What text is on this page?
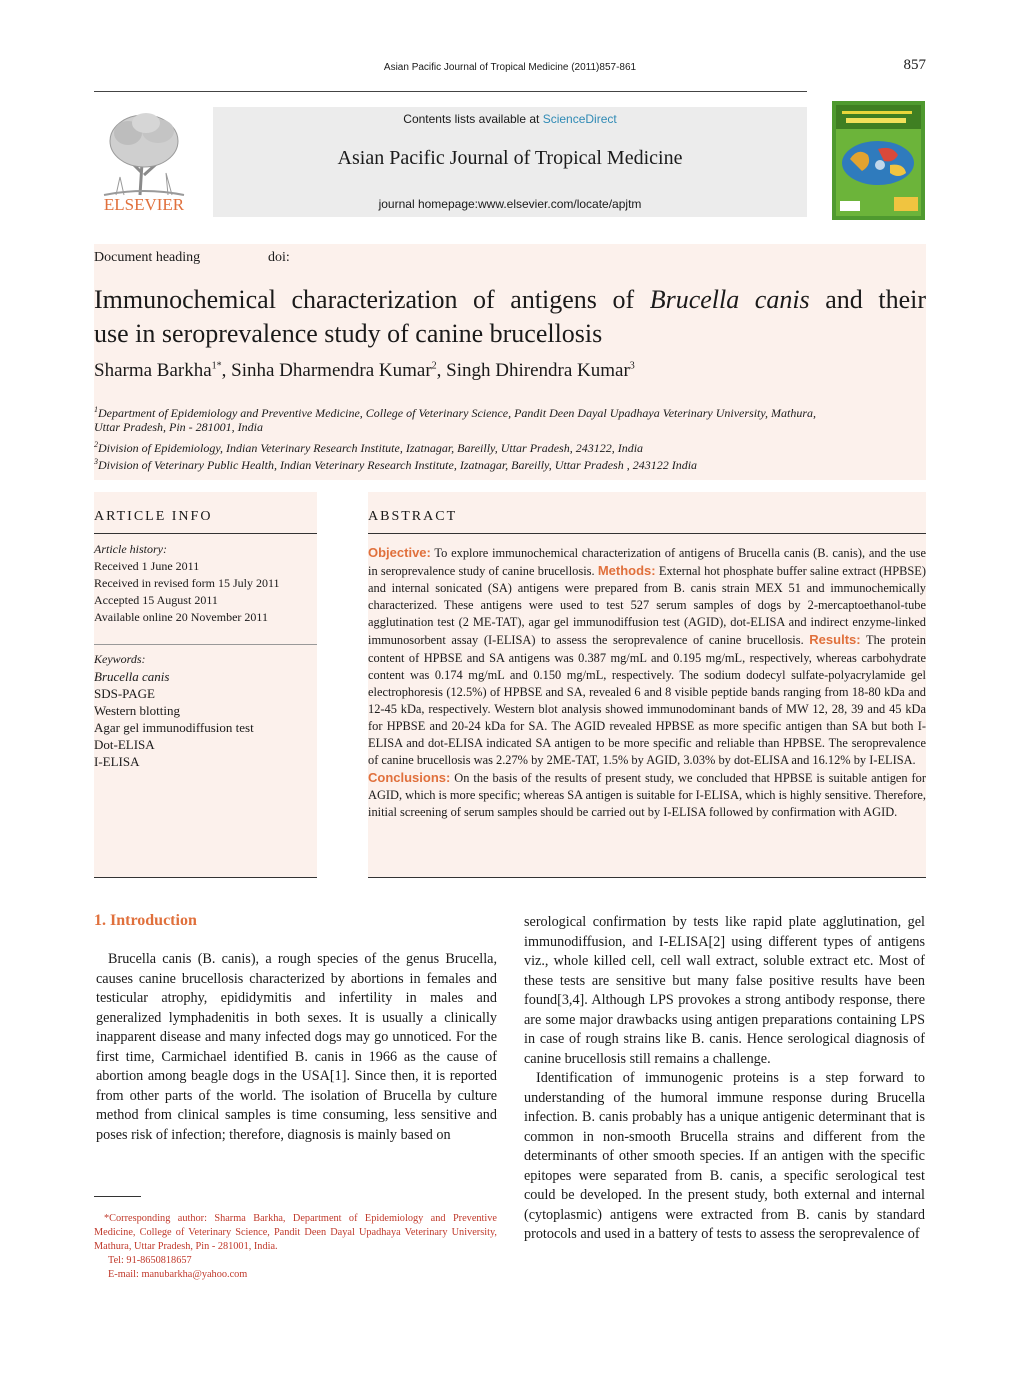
Asian Pacific Journal of Tropical Medicine (2011)857-861	857
ELSEVIER
Contents lists available at ScienceDirect
Asian Pacific Journal of Tropical Medicine
journal homepage:www.elsevier.com/locate/apjtm
Document heading	doi:
Immunochemical characterization of antigens of Brucella canis and their
use in seroprevalence study of canine brucellosis
Sharma Barkha$^{1*}$, Sinha Dharmendra Kumar$^2$, Singh Dhirendra Kumar$^3$
$^1$Department of Epidemiology and Preventive Medicine, College of Veterinary Science, Pandit Deen Dayal Upadhaya Veterinary University, Mathura,
Uttar Pradesh, Pin - 281001, India
$^2$Division of Epidemiology, Indian Veterinary Research Institute, Izatnagar, Bareilly, Uttar Pradesh, 243122, India
$^3$Division of Veterinary Public Health, Indian Veterinary Research Institute, Izatnagar, Bareilly, Uttar Pradesh , 243122 India
ARTICLE INFO	ABSTRACT
Article history:
Received 1 June 2011
Received in revised form 15 July 2011
Accepted 15 August 2011
Available online 20 November 2011
Keywords:
Brucella canis
SDS-PAGE
Western blotting
Agar gel immunodiffusion test
Dot-ELISA
I-ELISA
Objective: To explore immunochemical characterization of antigens of Brucella canis (B. canis), and the use in seroprevalence study of canine brucellosis. Methods: External hot phosphate buffer saline extract (HPBSE) and internal sonicated (SA) antigens were prepared from B. canis strain MEX 51 and immunochemically characterized. These antigens were used to test 527 serum samples of dogs by 2-mercaptoethanol-tube agglutination test (2 ME-TAT), agar gel immunodiffusion test (AGID), dot-ELISA and indirect enzyme-linked immunosorbent assay (I-ELISA) to assess the seroprevalence of canine brucellosis. Results: The protein content of HPBSE and SA antigens was 0.387 mg/mL and 0.195 mg/mL, respectively, whereas carbohydrate content was 0.174 mg/mL and 0.150 mg/mL, respectively. The sodium dodecyl sulfate-polyacrylamide gel electrophoresis (12.5%) of HPBSE and SA, revealed 6 and 8 visible peptide bands ranging from 18-80 kDa and 12-45 kDa, respectively. Western blot analysis showed immunodominant bands of MW 12, 28, 39 and 45 kDa for HPBSE and 20-24 kDa for SA. The AGID revealed HPBSE as more specific antigen than SA but both I-ELISA and dot-ELISA indicated SA antigen to be more specific and reliable than HPBSE. The seroprevalence of canine brucellosis was 2.27% by 2ME-TAT, 1.5% by AGID, 3.03% by dot-ELISA and 16.12% by I-ELISA.
Conclusions: On the basis of the results of present study, we concluded that HPBSE is suitable antigen for AGID, which is more specific; whereas SA antigen is suitable for I-ELISA, which is highly sensitive. Therefore, initial screening of serum samples should be carried out by I-ELISA followed by confirmation with AGID.
1. Introduction

Brucella canis (B. canis), a rough species of the genus Brucella, causes canine brucellosis characterized by abortions in females and testicular atrophy, epididymitis and infertility in males and generalized lymphadenitis in both sexes. It is usually a clinically inapparent disease and many infected dogs may go unnoticed. For the first time, Carmichael identified B. canis in 1966 as the cause of abortion among beagle dogs in the USA[1]. Since then, it is reported from other parts of the world. The isolation of Brucella by culture method from clinical samples is time consuming, less sensitive and poses risk of infection; therefore, diagnosis is mainly based on

serological confirmation by tests like rapid plate agglutination, gel immunodiffusion, and I-ELISA[2] using different types of antigens viz., whole killed cell, cell wall extract, soluble extract etc. Most of these tests are sensitive but many false positive results have been found[3,4]. Although LPS provokes a strong antibody response, there are some major drawbacks using antigen preparations containing LPS in case of rough strains like B. canis. Hence serological diagnosis of canine brucellosis still remains a challenge.

Identification of immunogenic proteins is a step forward to understanding of the humoral immune response during Brucella infection. B. canis probably has a unique antigenic determinant that is common in non-smooth Brucella strains and different from the determinants of other smooth species. If an antigen with the specific epitopes were separated from B. canis, a specific serological test could be developed. In the present study, both external and internal (cytoplasmic) antigens were extracted from B. canis by standard protocols and used in a battery of tests to assess the seroprevalence of

*Corresponding author: Sharma Barkha, Department of Epidemiology and Preventive Medicine, College of Veterinary Science, Pandit Deen Dayal Upadhaya Veterinary University, Mathura, Uttar Pradesh, Pin - 281001, India.
Tel: 91-8650818657
E-mail: manubarkha@yahoo.com
